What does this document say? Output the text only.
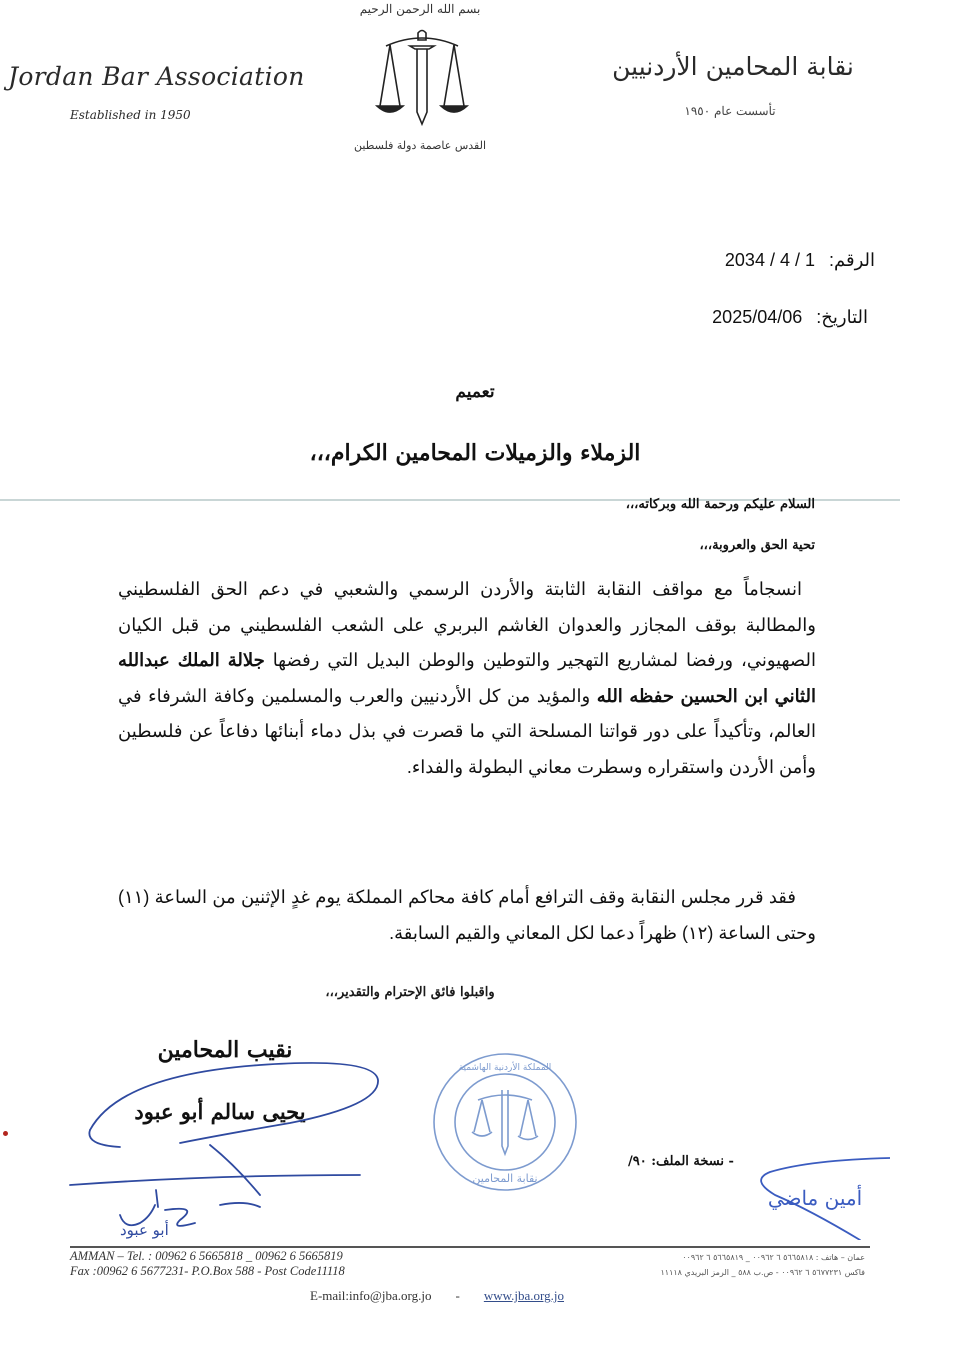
Jordan Bar Association
Established in 1950
بسم الله الرحمن الرحيم
القدس عاصمة دولة فلسطين
نقابة المحامين الأردنيين
تأسست عام ١٩٥٠
الرقم:2034 / 4 / 1
التاريخ:2025/04/06
تعميم
الزملاء والزميلات المحامين الكرام،،،
السلام عليكم ورحمة الله وبركاته،،،
تحية الحق والعروبة،،،
انسجاماً مع مواقف النقابة الثابتة والأردن الرسمي والشعبي في دعم الحق الفلسطيني والمطالبة بوقف المجازر والعدوان الغاشم البربري على الشعب الفلسطيني من قبل الكيان الصهيوني، ورفضا لمشاريع التهجير والتوطين والوطن البديل التي رفضها جلالة الملك عبدالله الثاني ابن الحسين حفظه الله والمؤيد من كل الأردنيين والعرب والمسلمين وكافة الشرفاء في العالم، وتأكيداً على دور قواتنا المسلحة التي ما قصرت في بذل دماء أبنائها دفاعاً عن فلسطين وأمن الأردن واستقراره وسطرت معاني البطولة والفداء.
فقد قرر مجلس النقابة وقف الترافع أمام كافة محاكم المملكة يوم غدٍ الإثنين من الساعة (١١) وحتى الساعة (١٢) ظهراً دعما لكل المعاني والقيم السابقة.
واقبلوا فائق الإحترام والتقدير،،،
نقيب المحامين
يحيى سالم أبو عبود
أبو عبود
المملكة الأردنية الهاشمية
نقابة المحامين
- نسخة الملف: ٩٠/
أمين ماضي
AMMAN – Tel. : 00962 6 5665818 _ 00962 6 5665819
Fax :00962 6 5677231- P.O.Box 588 - Post Code11118
عمان – هاتف : ٥٦٦٥٨١٨ ٦ ٠٠٩٦٢ _ ٥٦٦٥٨١٩ ٦ ٠٠٩٦٢
فاكس ٥٦٧٧٢٣١ ٦ ٠٠٩٦٢ - ص.ب ٥٨٨ _ الرمز البريدي ١١١١٨
E-mail:info@jba.org.jo - www.jba.org.jo
